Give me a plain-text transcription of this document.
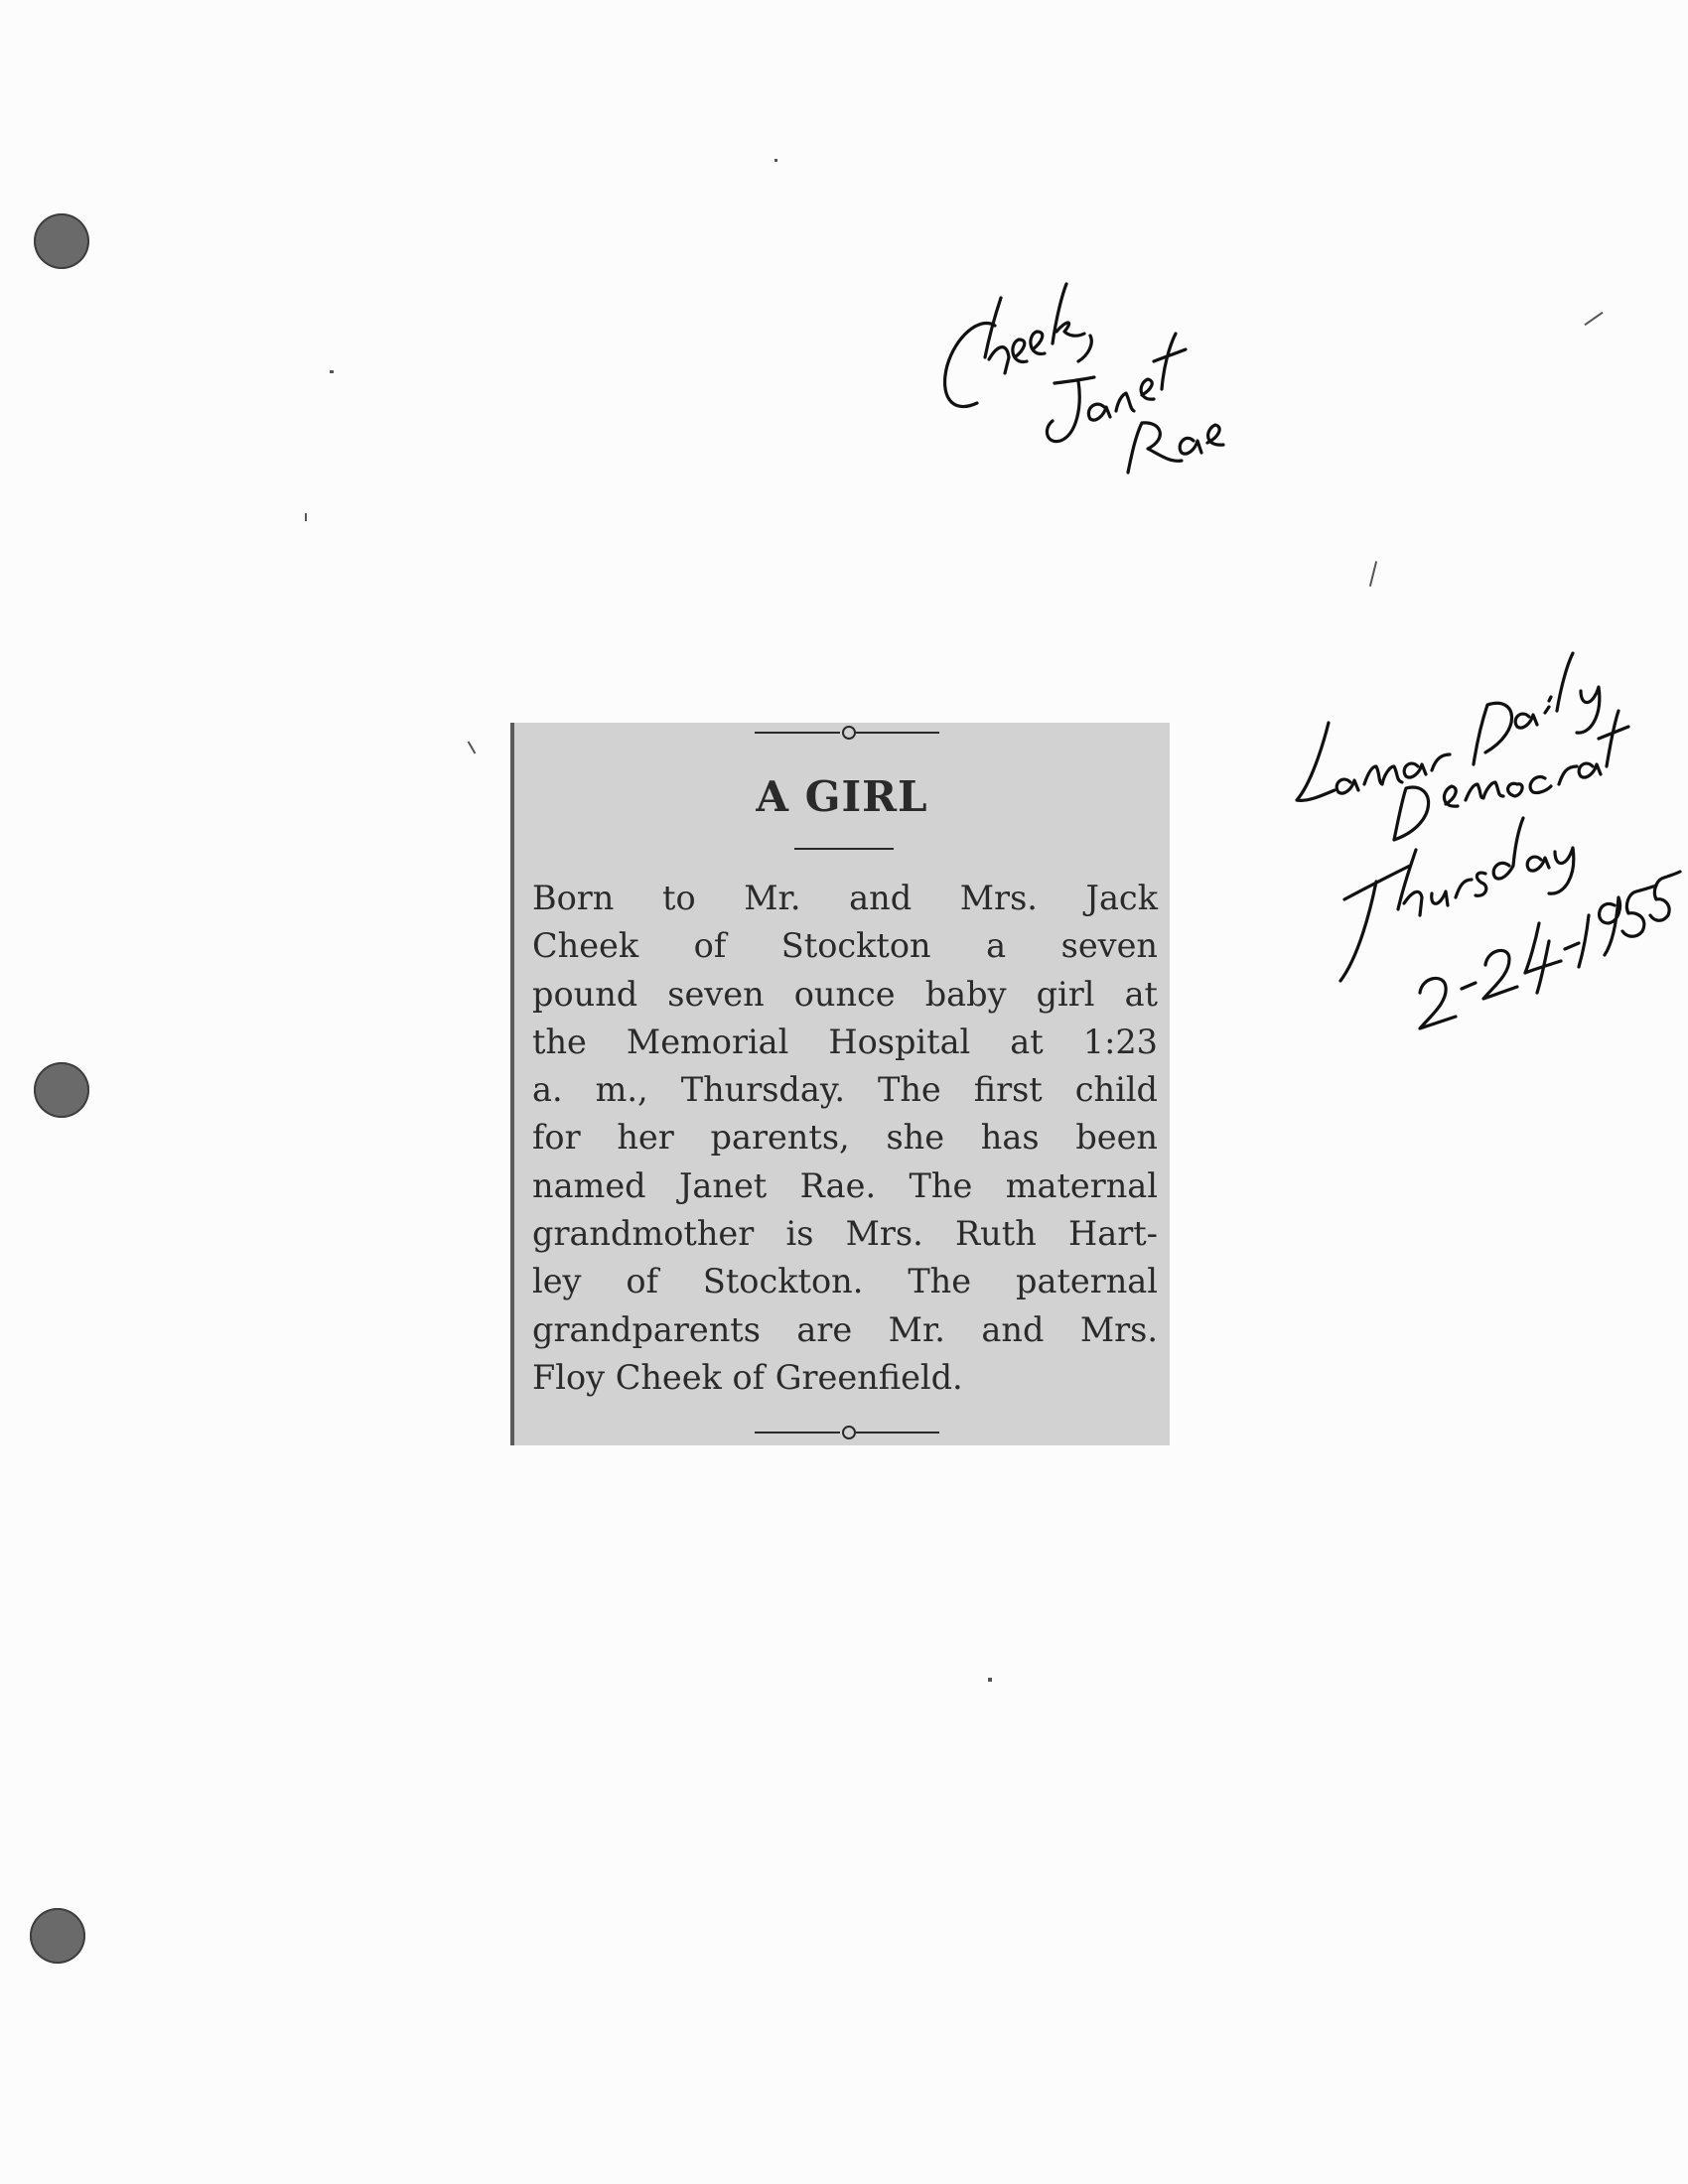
A GIRL
Born to Mr. and Mrs. Jack
Cheek of Stockton a seven
pound seven ounce baby girl at
the Memorial Hospital at 1:23
a. m., Thursday. The first child
for her parents, she has been
named Janet Rae. The maternal
grandmother is Mrs. Ruth Hart-
ley of Stockton. The paternal
grandparents are Mr. and Mrs.
Floy Cheek of Greenfield.
